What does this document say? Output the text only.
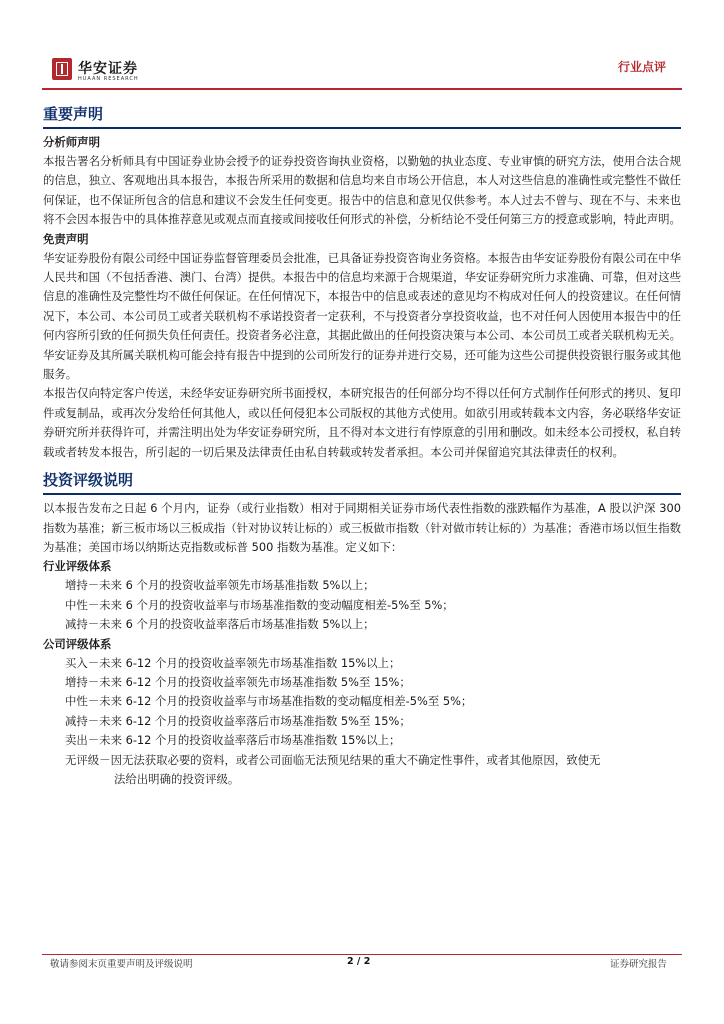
华安证券
HUAAN RESEARCH
行业点评

重要声明

分析师声明

本报告署名分析师具有中国证券业协会授予的证券投资咨询执业资格，以勤勉的执业态度、专业审慎的研究方法，使用合法合规的信息，独立、客观地出具本报告，本报告所采用的数据和信息均来自市场公开信息，本人对这些信息的准确性或完整性不做任何保证，也不保证所包含的信息和建议不会发生任何变更。报告中的信息和意见仅供参考。本人过去不曾与、现在不与、未来也将不会因本报告中的具体推荐意见或观点而直接或间接收任何形式的补偿，分析结论不受任何第三方的授意或影响，特此声明。

免责声明

华安证券股份有限公司经中国证券监督管理委员会批准，已具备证券投资咨询业务资格。本报告由华安证券股份有限公司在中华人民共和国（不包括香港、澳门、台湾）提供。本报告中的信息均来源于合规渠道，华安证券研究所力求准确、可靠，但对这些信息的准确性及完整性均不做任何保证。在任何情况下，本报告中的信息或表述的意见均不构成对任何人的投资建议。在任何情况下，本公司、本公司员工或者关联机构不承诺投资者一定获利，不与投资者分享投资收益，也不对任何人因使用本报告中的任何内容所引致的任何损失负任何责任。投资者务必注意，其据此做出的任何投资决策与本公司、本公司员工或者关联机构无关。华安证券及其所属关联机构可能会持有报告中提到的公司所发行的证券并进行交易，还可能为这些公司提供投资银行服务或其他服务。

本报告仅向特定客户传送，未经华安证券研究所书面授权，本研究报告的任何部分均不得以任何方式制作任何形式的拷贝、复印件或复制品，或再次分发给任何其他人，或以任何侵犯本公司版权的其他方式使用。如欲引用或转载本文内容，务必联络华安证券研究所并获得许可，并需注明出处为华安证券研究所，且不得对本文进行有悖原意的引用和删改。如未经本公司授权，私自转载或者转发本报告，所引起的一切后果及法律责任由私自转载或转发者承担。本公司并保留追究其法律责任的权利。

投资评级说明

以本报告发布之日起 6 个月内，证券（或行业指数）相对于同期相关证券市场代表性指数的涨跌幅作为基准，A 股以沪深 300 指数为基准；新三板市场以三板成指（针对协议转让标的）或三板做市指数（针对做市转让标的）为基准；香港市场以恒生指数为基准；美国市场以纳斯达克指数或标普 500 指数为基准。定义如下：

行业评级体系

增持－未来 6 个月的投资收益率领先市场基准指数 5%以上；

中性－未来 6 个月的投资收益率与市场基准指数的变动幅度相差-5%至 5%；

减持－未来 6 个月的投资收益率落后市场基准指数 5%以上；

公司评级体系

买入－未来 6-12 个月的投资收益率领先市场基准指数 15%以上；

增持－未来 6-12 个月的投资收益率领先市场基准指数 5%至 15%；

中性－未来 6-12 个月的投资收益率与市场基准指数的变动幅度相差-5%至 5%；

减持－未来 6-12 个月的投资收益率落后市场基准指数 5%至 15%；

卖出－未来 6-12 个月的投资收益率落后市场基准指数 15%以上；

无评级－因无法获取必要的资料，或者公司面临无法预见结果的重大不确定性事件，或者其他原因，致使无

法给出明确的投资评级。

敬请参阅末页重要声明及评级说明	2 / 2	证券研究报告
